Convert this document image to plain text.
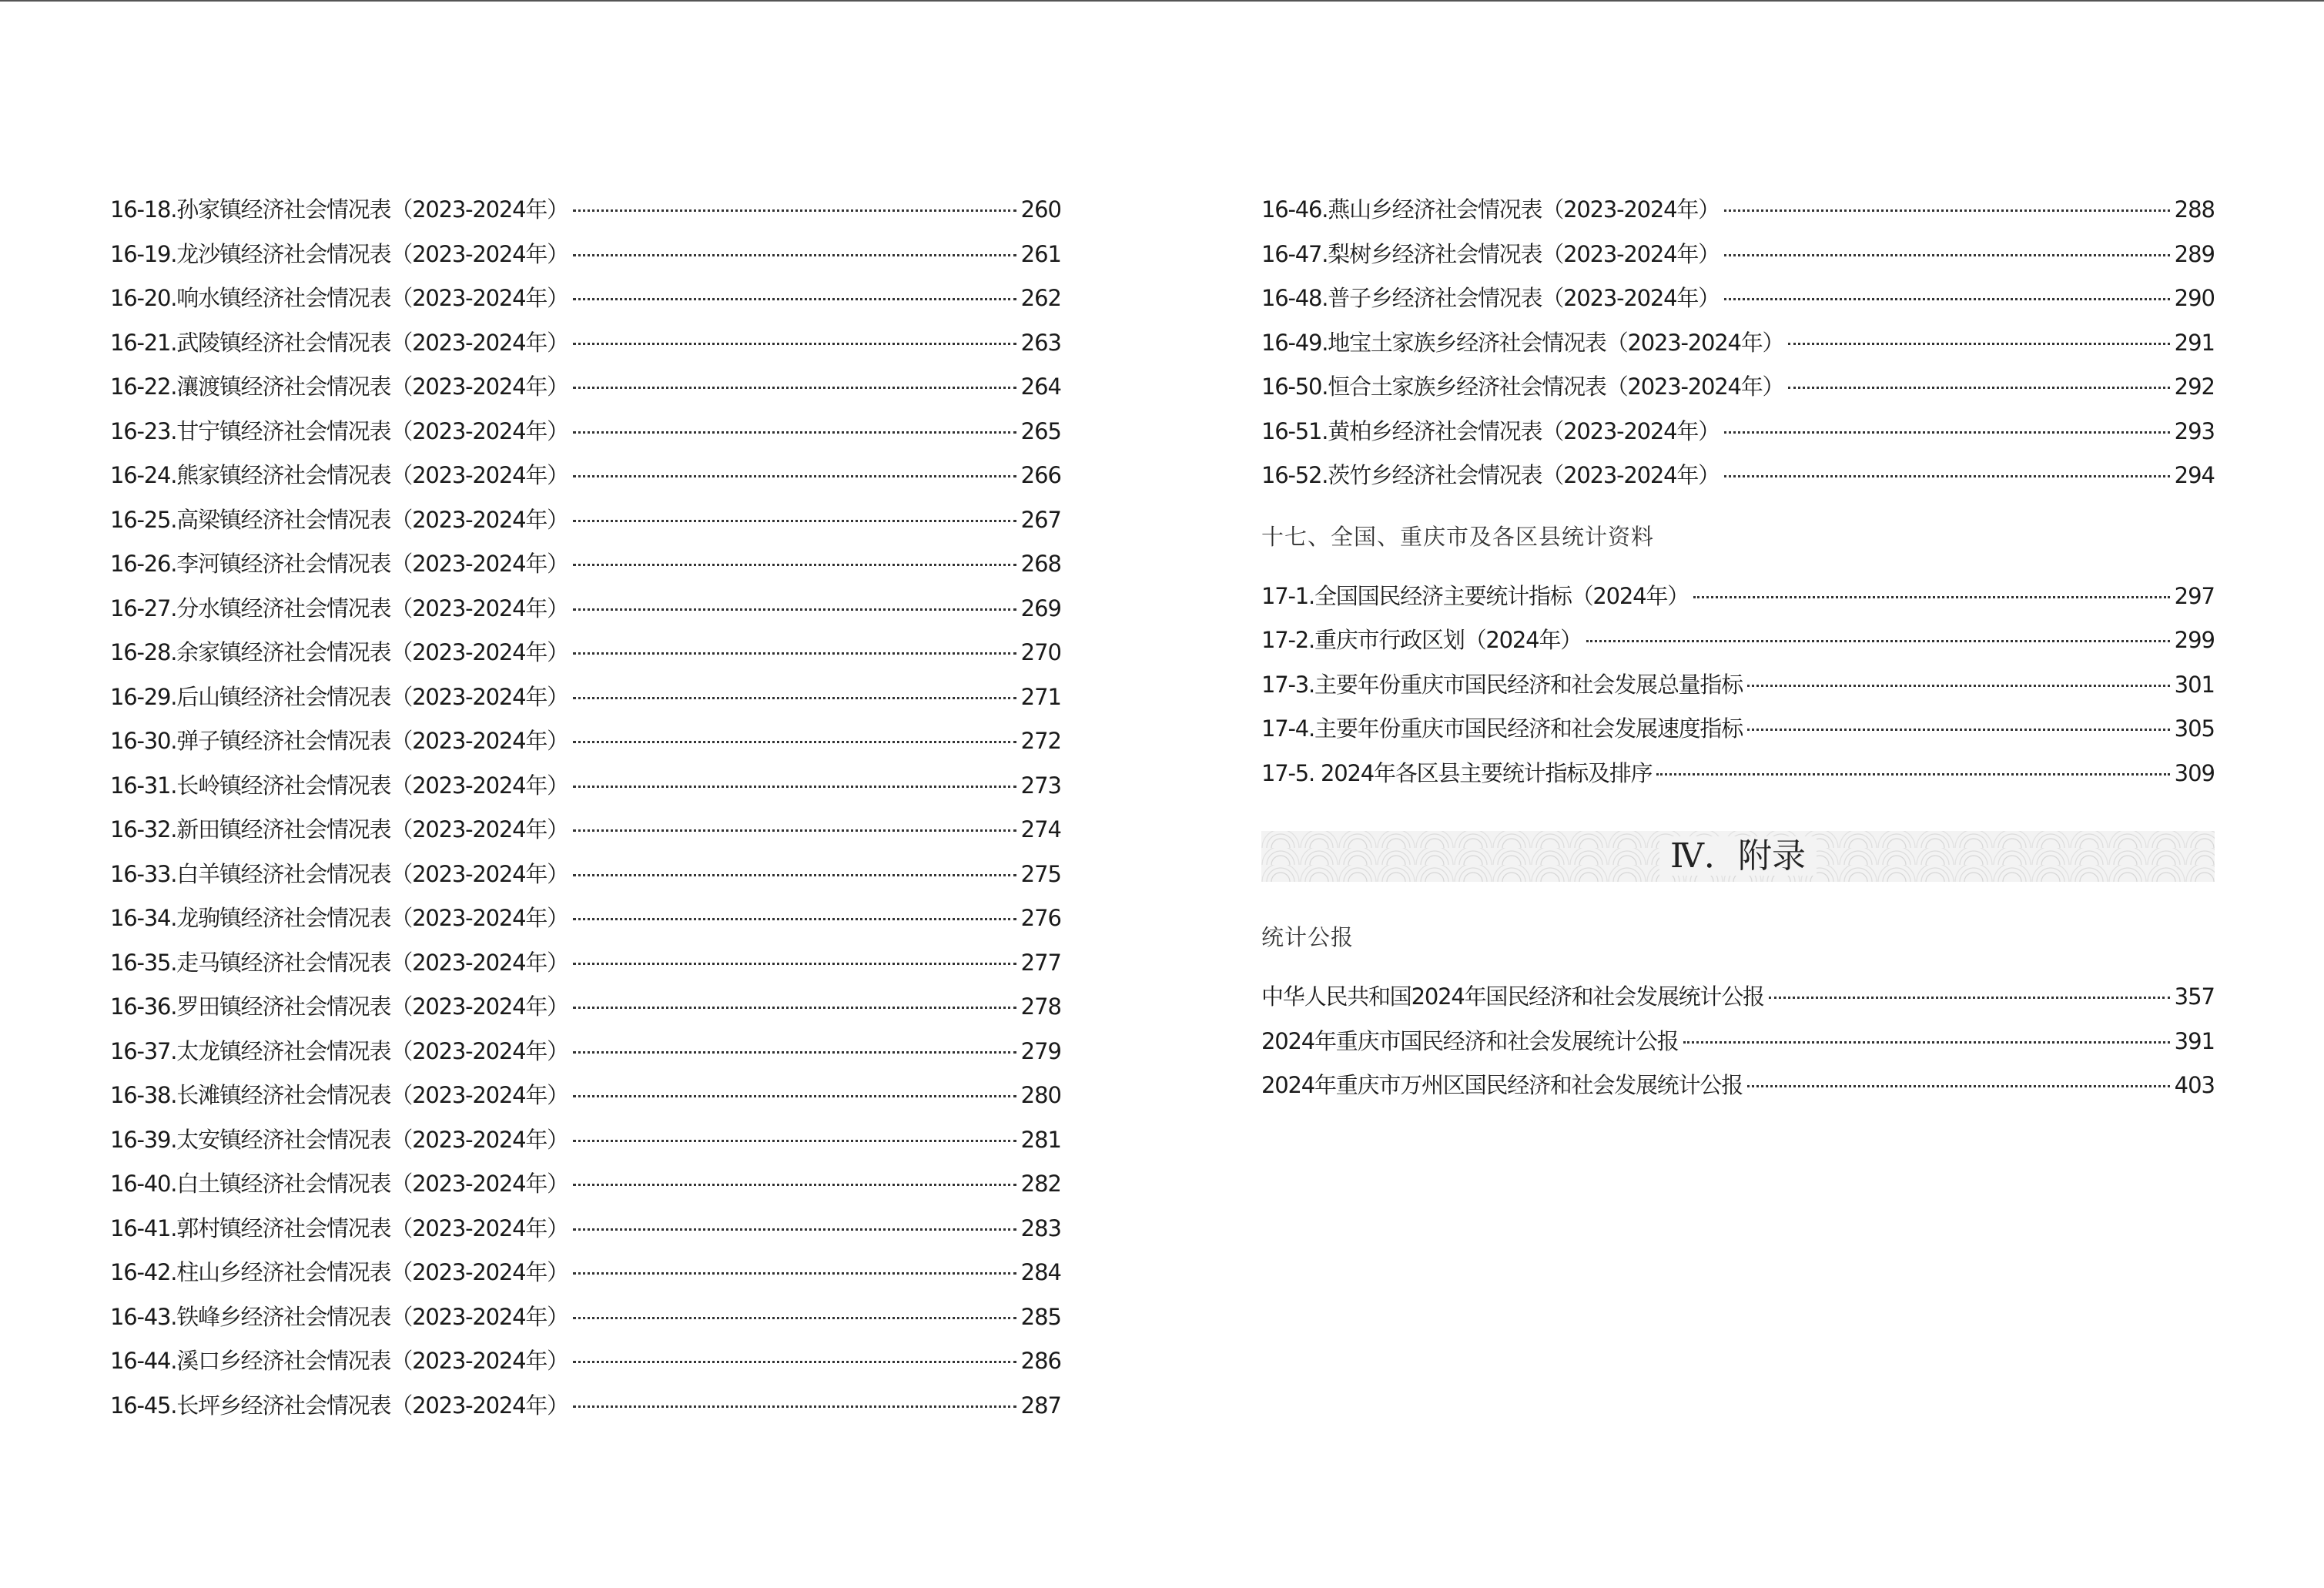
16-18.孙家镇经济社会情况表（2023-2024年）	260
16-19.龙沙镇经济社会情况表（2023-2024年）	261
16-20.响水镇经济社会情况表（2023-2024年）	262
16-21.武陵镇经济社会情况表（2023-2024年）	263
16-22.瀼渡镇经济社会情况表（2023-2024年）	264
16-23.甘宁镇经济社会情况表（2023-2024年）	265
16-24.熊家镇经济社会情况表（2023-2024年）	266
16-25.高梁镇经济社会情况表（2023-2024年）	267
16-26.李河镇经济社会情况表（2023-2024年）	268
16-27.分水镇经济社会情况表（2023-2024年）	269
16-28.余家镇经济社会情况表（2023-2024年）	270
16-29.后山镇经济社会情况表（2023-2024年）	271
16-30.弹子镇经济社会情况表（2023-2024年）	272
16-31.长岭镇经济社会情况表（2023-2024年）	273
16-32.新田镇经济社会情况表（2023-2024年）	274
16-33.白羊镇经济社会情况表（2023-2024年）	275
16-34.龙驹镇经济社会情况表（2023-2024年）	276
16-35.走马镇经济社会情况表（2023-2024年）	277
16-36.罗田镇经济社会情况表（2023-2024年）	278
16-37.太龙镇经济社会情况表（2023-2024年）	279
16-38.长滩镇经济社会情况表（2023-2024年）	280
16-39.太安镇经济社会情况表（2023-2024年）	281
16-40.白土镇经济社会情况表（2023-2024年）	282
16-41.郭村镇经济社会情况表（2023-2024年）	283
16-42.柱山乡经济社会情况表（2023-2024年）	284
16-43.铁峰乡经济社会情况表（2023-2024年）	285
16-44.溪口乡经济社会情况表（2023-2024年）	286
16-45.长坪乡经济社会情况表（2023-2024年）	287
16-46.燕山乡经济社会情况表（2023-2024年）	288
16-47.梨树乡经济社会情况表（2023-2024年）	289
16-48.普子乡经济社会情况表（2023-2024年）	290
16-49.地宝土家族乡经济社会情况表（2023-2024年）	291
16-50.恒合土家族乡经济社会情况表（2023-2024年）	292
16-51.黄柏乡经济社会情况表（2023-2024年）	293
16-52.茨竹乡经济社会情况表（2023-2024年）	294
十七、全国、重庆市及各区县统计资料
17-1.全国国民经济主要统计指标（2024年）	297
17-2.重庆市行政区划（2024年）	299
17-3.主要年份重庆市国民经济和社会发展总量指标	301
17-4.主要年份重庆市国民经济和社会发展速度指标	305
17-5. 2024年各区县主要统计指标及排序	309
Ⅳ．附录
统计公报
中华人民共和国2024年国民经济和社会发展统计公报	357
2024年重庆市国民经济和社会发展统计公报	391
2024年重庆市万州区国民经济和社会发展统计公报	403
